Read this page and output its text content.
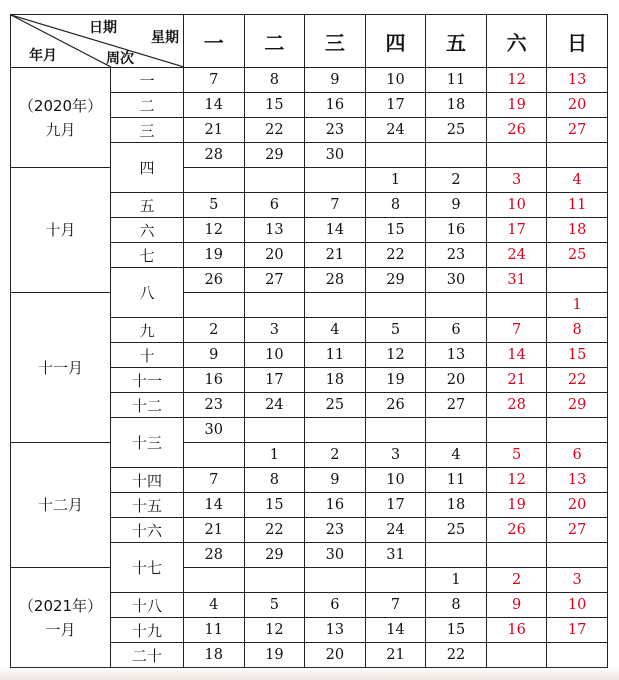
日期
星期
年月 周次		一	二	三	四	五	六	日

（2020年）
九月	一	7	8	9	10	11	12	13
	二	14	15	16	17	18	19	20
	三	21	22	23	24	25	26	27
	四	28	29	30				

十月					1	2	3	4
	五	5	6	7	8	9	10	11
	六	12	13	14	15	16	17	18
	七	19	20	21	22	23	24	25
	八	26	27	28	29	30	31	

十一月								1
	九	2	3	4	5	6	7	8
	十	9	10	11	12	13	14	15
	十一	16	17	18	19	20	21	22
	十二	23	24	25	26	27	28	29
	十三	30						

十二月			1	2	3	4	5	6
	十四	7	8	9	10	11	12	13
	十五	14	15	16	17	18	19	20
	十六	21	22	23	24	25	26	27
	十七	28	29	30	31			

（2021年）
一月						1	2	3
	十八	4	5	6	7	8	9	10
	十九	11	12	13	14	15	16	17
	二十	18	19	20	21	22		
